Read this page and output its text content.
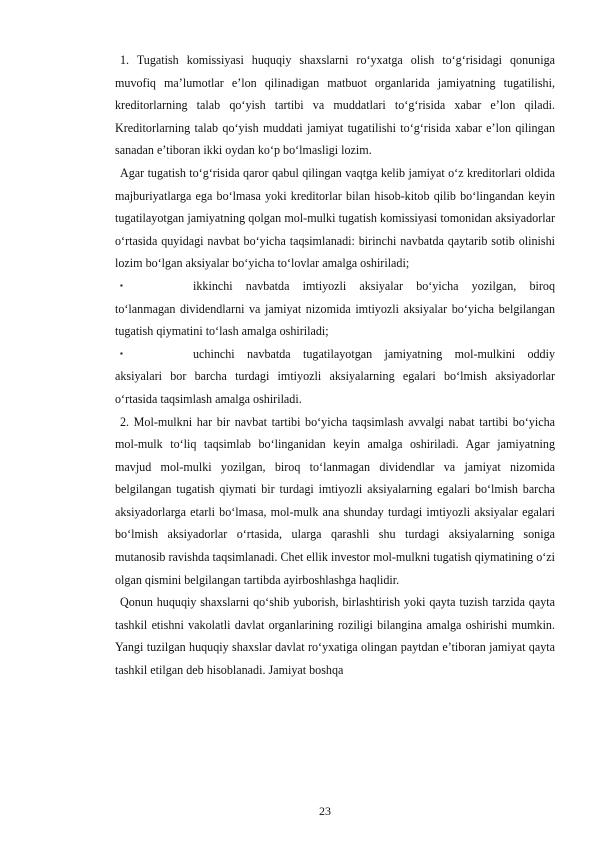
1. Tugatish komissiyasi huquqiy shaxslarni ro‘yxatga olish to‘g‘risidagi qonuniga muvofiq ma’lumotlar e’lon qilinadigan matbuot organlarida jamiyatning tugatilishi, kreditorlarning talab qo‘yish tartibi va muddatlari to‘g‘risida xabar e’lon qiladi. Kreditorlarning talab qo‘yish muddati jamiyat tugatilishi to‘g‘risida xabar e’lon qilingan sanadan e’tiboran ikki oydan ko‘p bo‘lmasligi lozim.

Agar tugatish to‘g‘risida qaror qabul qilingan vaqtga kelib jamiyat o‘z kreditorlari oldida majburiyatlarga ega bo‘lmasa yoki kreditorlar bilan hisob-kitob qilib bo‘lingandan keyin tugatilayotgan jamiyatning qolgan mol-mulki tugatish komissiyasi tomonidan aksiyadorlar o‘rtasida quyidagi navbat bo‘yicha taqsimlanadi: birinchi navbatda qaytarib sotib olinishi lozim bo‘lgan aksiyalar bo‘yicha to‘lovlar amalga oshiriladi;

▪	ikkinchi navbatda imtiyozli aksiyalar bo‘yicha yozilgan, biroq to‘lanmagan dividendlarni va jamiyat nizomida imtiyozli aksiyalar bo‘yicha belgilangan tugatish qiymatini to‘lash amalga oshiriladi;

▪	uchinchi navbatda tugatilayotgan jamiyatning mol-mulkini oddiy aksiyalari bor barcha turdagi imtiyozli aksiyalarning egalari bo‘lmish aksiyadorlar o‘rtasida taqsimlash amalga oshiriladi.

2. Mol-mulkni har bir navbat tartibi bo‘yicha taqsimlash avvalgi nabat tartibi bo‘yicha mol-mulk to‘liq taqsimlab bo‘linganidan keyin amalga oshiriladi. Agar jamiyatning mavjud mol-mulki yozilgan, biroq to‘lanmagan dividendlar va jamiyat nizomida belgilangan tugatish qiymati bir turdagi imtiyozli aksiyalarning egalari bo‘lmish barcha aksiyadorlarga etarli bo‘lmasa, mol-mulk ana shunday turdagi imtiyozli aksiyalar egalari bo‘lmish aksiyadorlar o‘rtasida, ularga qarashli shu turdagi aksiyalarning soniga mutanosib ravishda taqsimlanadi. Chet ellik investor mol-mulkni tugatish qiymatining o‘zi olgan qismini belgilangan tartibda ayirboshlashga haqlidir.

Qonun huquqiy shaxslarni qo‘shib yuborish, birlashtirish yoki qayta tuzish tarzida qayta tashkil etishni vakolatli davlat organlarining roziligi bilangina amalga oshirishi mumkin. Yangi tuzilgan huquqiy shaxslar davlat ro‘yxatiga olingan paytdan e’tiboran jamiyat qayta tashkil etilgan deb hisoblanadi. Jamiyat boshqa

23
